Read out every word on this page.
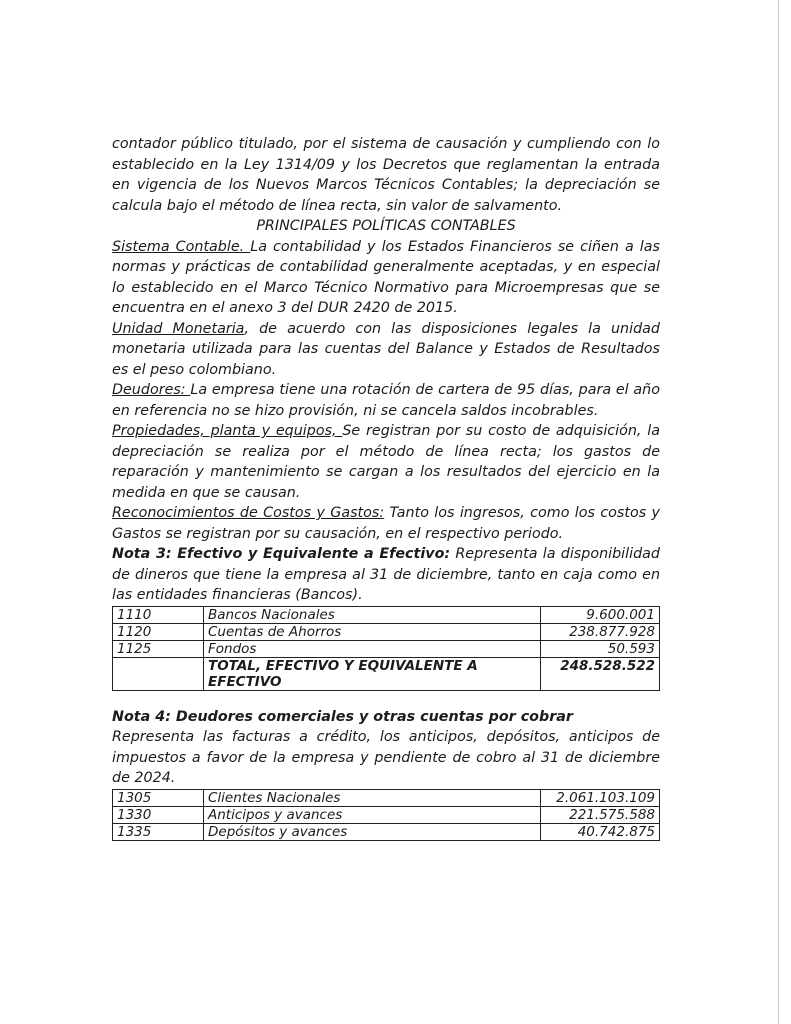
contador público titulado, por el sistema de causación y cumpliendo con lo establecido en la Ley 1314/09 y los Decretos que reglamentan la entrada en vigencia de los Nuevos Marcos Técnicos Contables; la depreciación se calcula bajo el método de línea recta, sin valor de salvamento.

PRINCIPALES POLÍTICAS CONTABLES

Sistema Contable. La contabilidad y los Estados Financieros se ciñen a las normas y prácticas de contabilidad generalmente aceptadas, y en especial lo establecido en el Marco Técnico Normativo para Microempresas que se encuentra en el anexo 3 del DUR 2420 de 2015.

Unidad Monetaria, de acuerdo con las disposiciones legales la unidad monetaria utilizada para las cuentas del Balance y Estados de Resultados es el peso colombiano.

Deudores: La empresa tiene una rotación de cartera de 95 días, para el año en referencia no se hizo provisión, ni se cancela saldos incobrables.

Propiedades, planta y equipos, Se registran por su costo de adquisición, la depreciación se realiza por el método de línea recta; los gastos de reparación y mantenimiento se cargan a los resultados del ejercicio en la medida en que se causan.

Reconocimientos de Costos y Gastos: Tanto los ingresos, como los costos y Gastos se registran por su causación, en el respectivo periodo.

Nota 3: Efectivo y Equivalente a Efectivo: Representa la disponibilidad de dineros que tiene la empresa al 31 de diciembre, tanto en caja como en las entidades financieras (Bancos).

1110	Bancos Nacionales	9.600.001
1120	Cuentas de Ahorros	238.877.928
1125	Fondos	50.593
	TOTAL, EFECTIVO Y EQUIVALENTE A EFECTIVO	248.528.522

Nota 4: Deudores comerciales y otras cuentas por cobrar

Representa las facturas a crédito, los anticipos, depósitos, anticipos de impuestos a favor de la empresa y pendiente de cobro al 31 de diciembre de 2024.

1305	Clientes Nacionales	2.061.103.109
1330	Anticipos y avances	221.575.588
1335	Depósitos y avances	40.742.875
